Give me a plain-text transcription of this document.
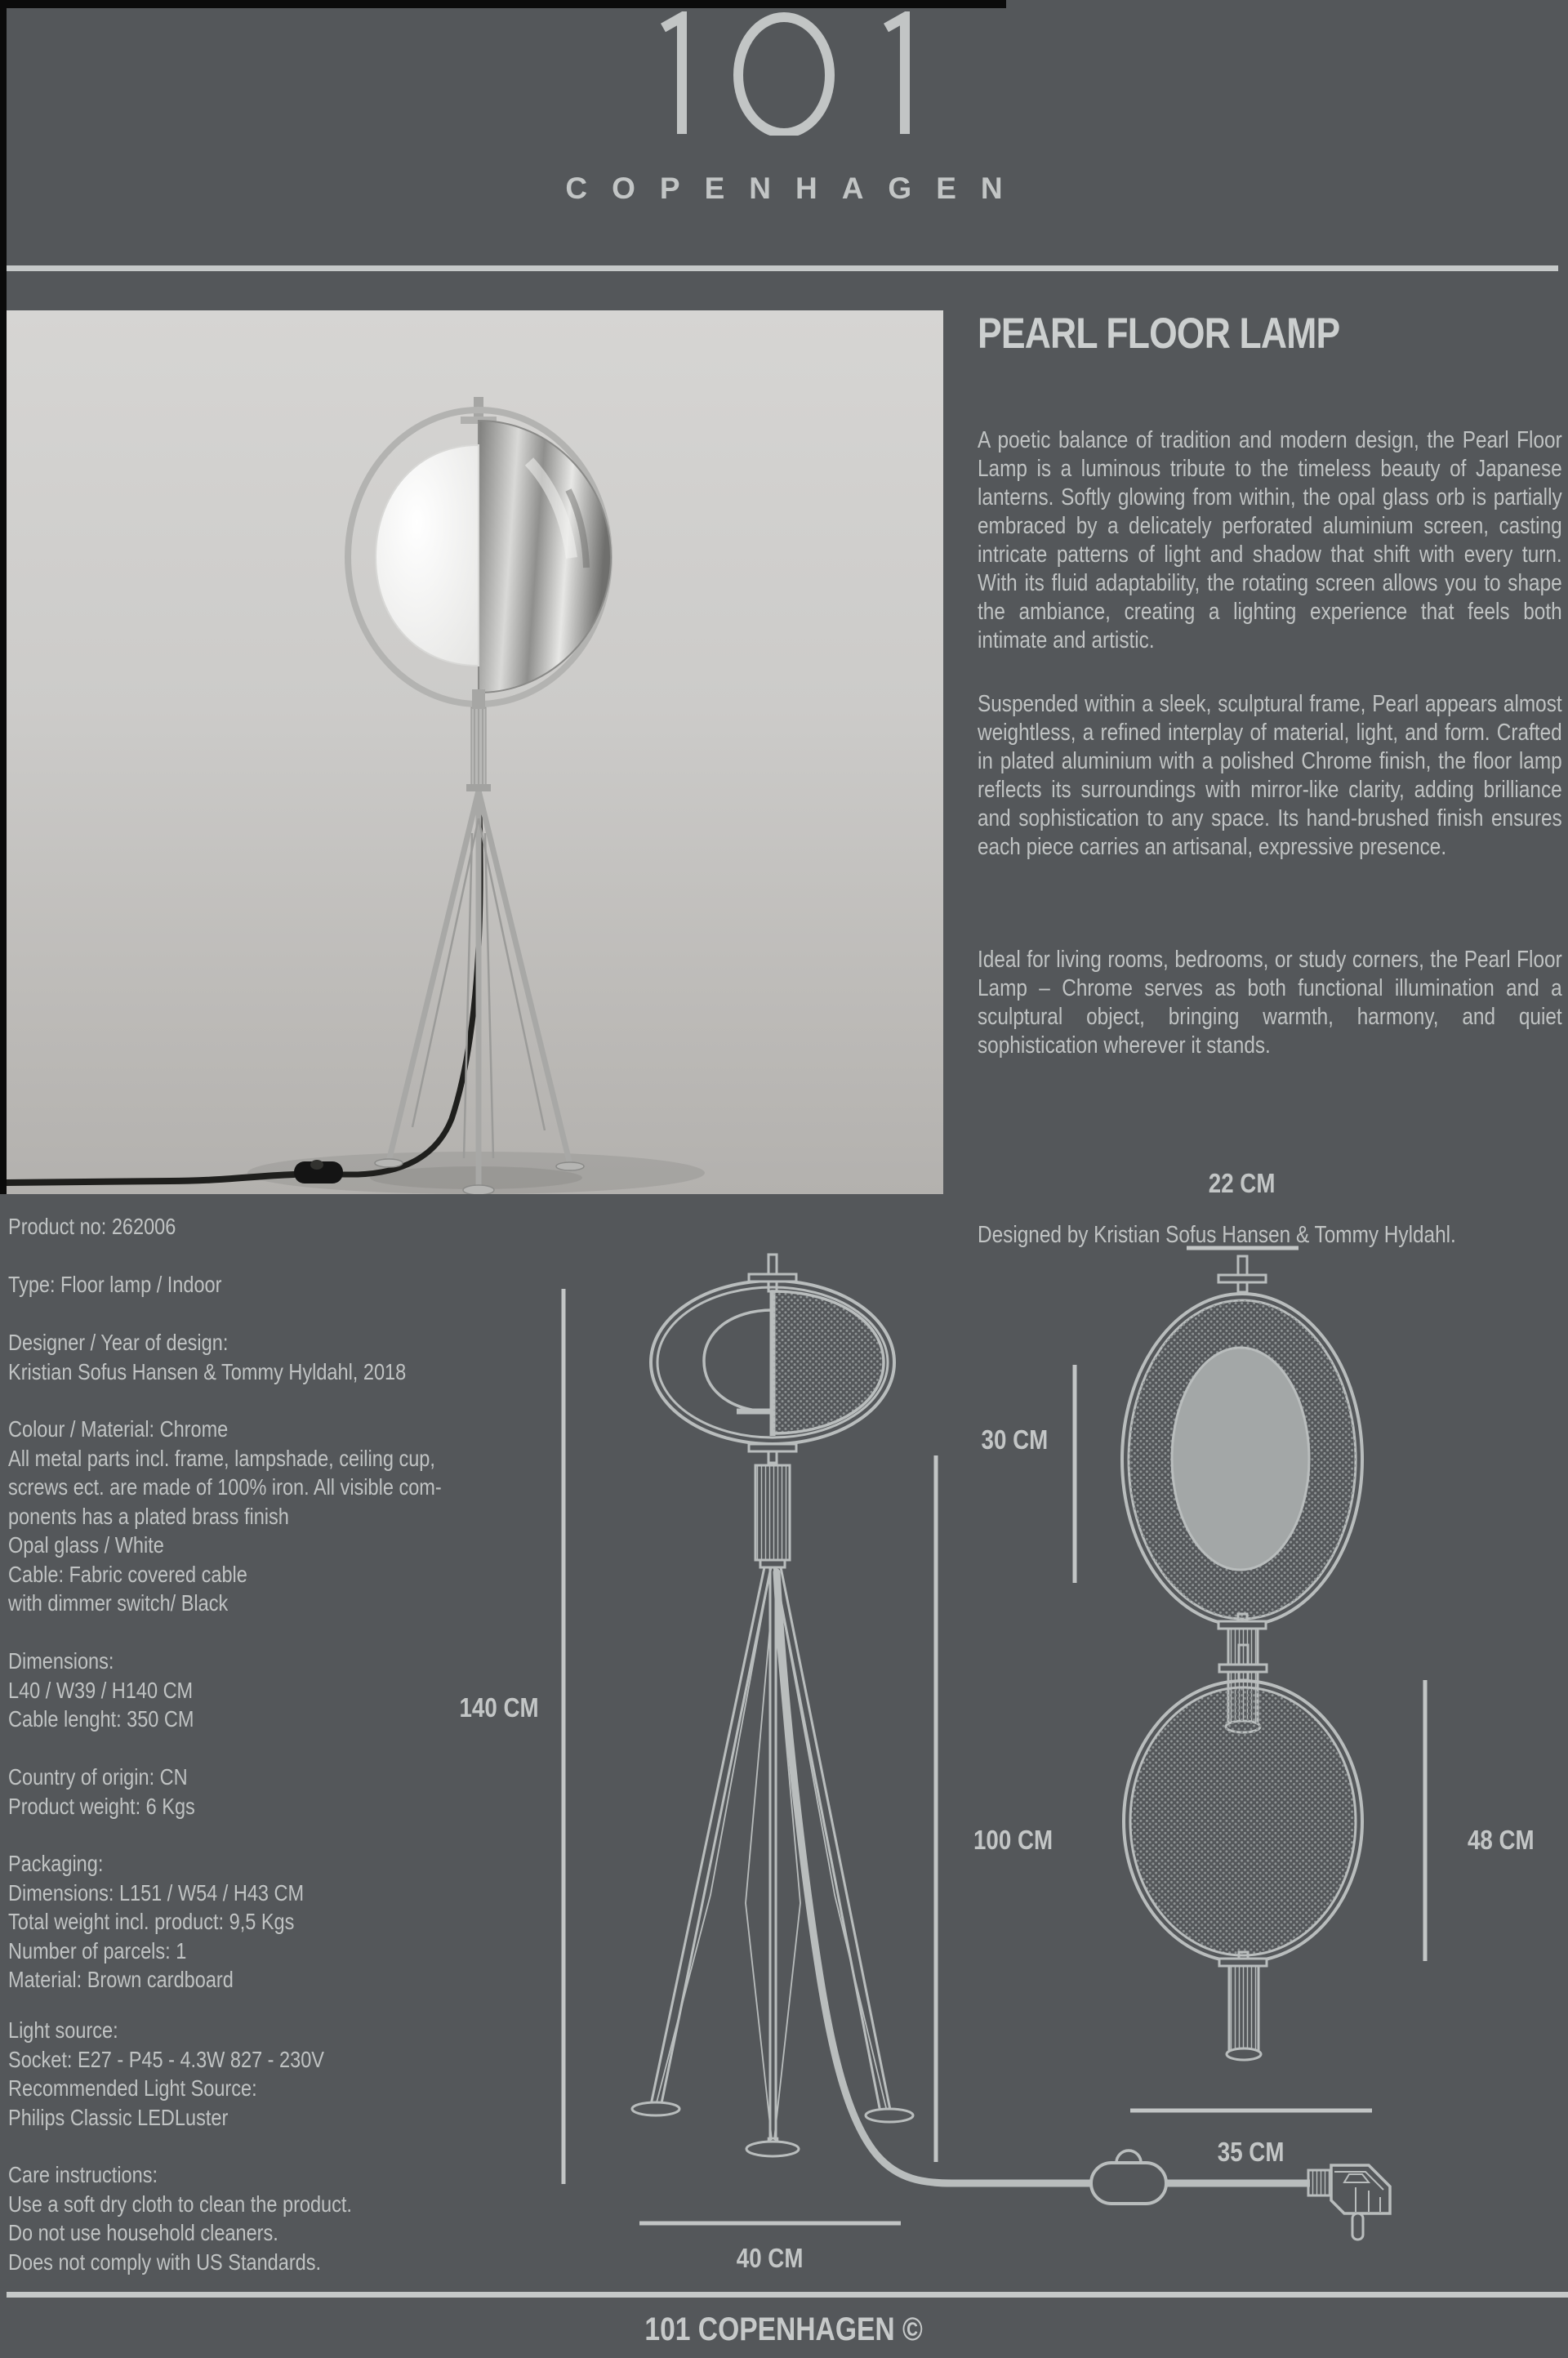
COPENHAGEN
PEARL FLOOR LAMP

A poetic balance of tradition and modern design, the Pearl Floor Lamp is a luminous tribute to the timeless beauty of Japanese lanterns. Softly glowing from within, the opal glass orb is partially embraced by a delicately perforated aluminium screen, casting intricate patterns of light and shadow that shift with every turn. With its fluid adaptability, the rotating screen allows you to shape the ambiance, creating a lighting experience that feels both intimate and artistic.

Suspended within a sleek, sculptural frame, Pearl appears almost weightless, a refined interplay of material, light, and form. Crafted in plated aluminium with a polished Chrome finish, the floor lamp reflects its surroundings with mirror-like clarity, adding brilliance and sophistication to any space. Its hand-brushed finish ensures each piece carries an artisanal, expressive presence.

Ideal for living rooms, bedrooms, or study corners, the Pearl Floor Lamp – Chrome serves as both functional illumination and a sculptural object, bringing warmth, harmony, and quiet sophistication wherever it stands.

Designed by Kristian Sofus Hansen & Tommy Hyldahl.
Product no: 262006
Type: Floor lamp / Indoor
Designer / Year of design:
Kristian Sofus Hansen & Tommy Hyldahl, 2018
Colour / Material: Chrome
All metal parts incl. frame, lampshade, ceiling cup,
screws ect. are made of 100% iron. All visible com-
ponents has a plated brass finish
Opal glass / White
Cable: Fabric covered cable
with dimmer switch/ Black
Dimensions:
L40 / W39 / H140 CM
Cable lenght: 350 CM
Country of origin: CN
Product weight: 6 Kgs
Packaging:
Dimensions: L151 / W54 / H43 CM
Total weight incl. product: 9,5 Kgs
Number of parcels: 1
Material: Brown cardboard
Light source:
Socket: E27 - P45 - 4.3W 827 - 230V
Recommended Light Source:
Philips Classic LEDLuster
Care instructions:
Use a soft dry cloth to clean the product.
Do not use household cleaners.
Does not comply with US Standards.
140 CM
22 CM
30 CM
100 CM	48 CM
35 CM
40 CM
101 COPENHAGEN ©
